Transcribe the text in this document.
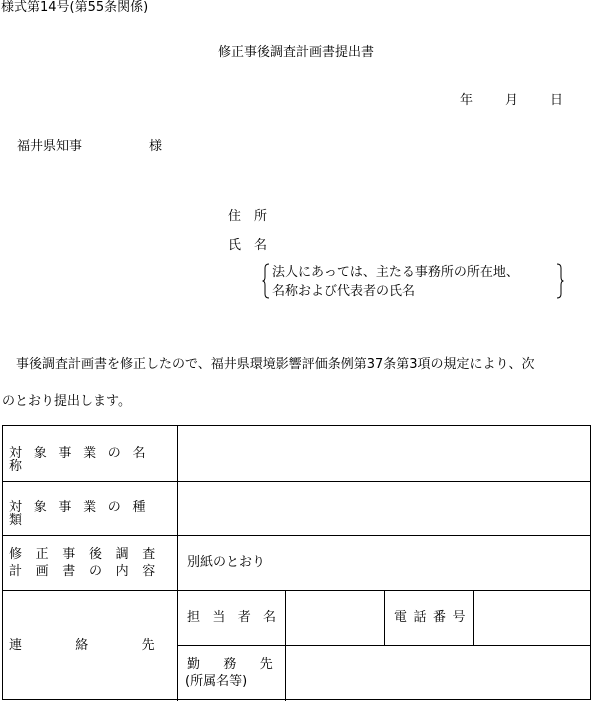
様式第14号(第55条関係)
修正事後調査計画書提出書
年 月 日
福井県知事	様
住　所
氏　名
法人にあっては、主たる事務所の所在地、
名称および代表者の氏名
事後調査計画書を修正したので、福井県環境影響評価条例第37条第3項の規定により、次
のとおり提出します。
対象事業の名称
対象事業の種類
修正事後調査
計画書の内容
別紙のとおり
連絡先
担当者名	電話番号
勤務先
(所属名等)
